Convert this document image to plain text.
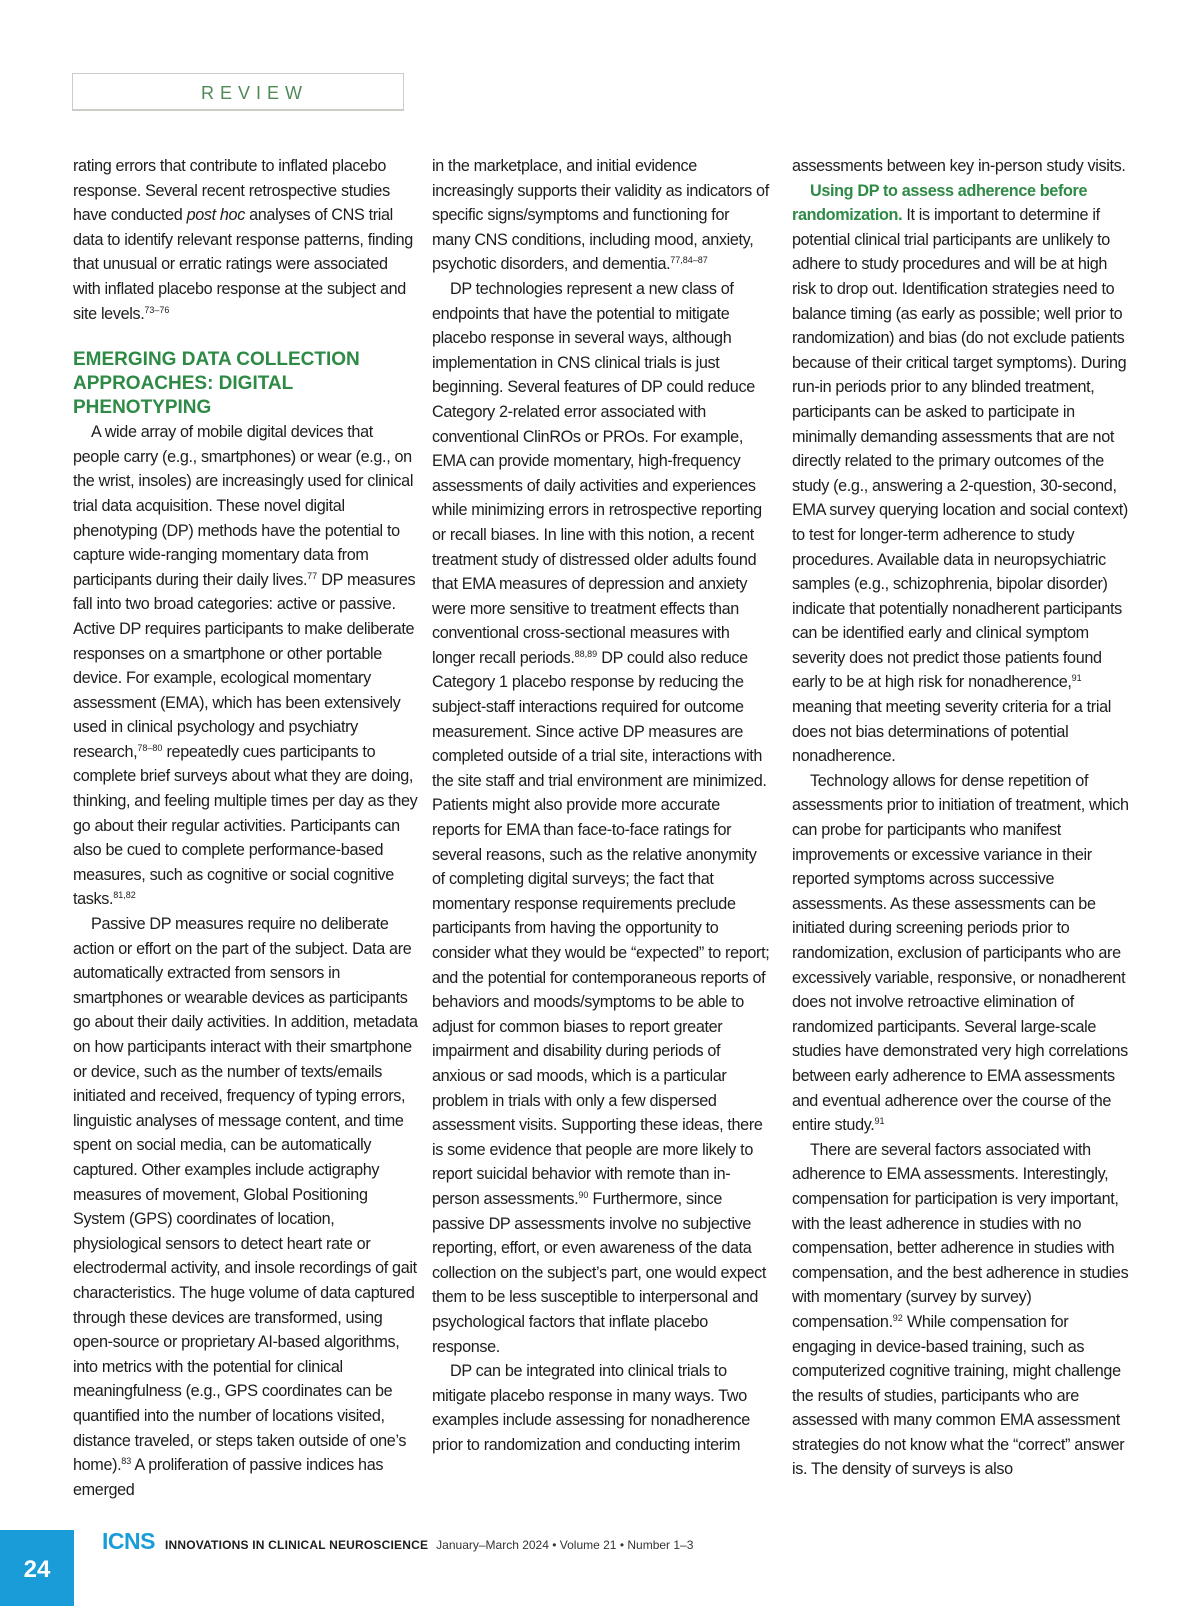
REVIEW

rating errors that contribute to inflated placebo response. Several recent retrospective studies have conducted post hoc analyses of CNS trial data to identify relevant response patterns, finding that unusual or erratic ratings were associated with inflated placebo response at the subject and site levels.$^{73-76}$

EMERGING DATA COLLECTION APPROACHES: DIGITAL PHENOTYPING

A wide array of mobile digital devices that people carry (e.g., smartphones) or wear (e.g., on the wrist, insoles) are increasingly used for clinical trial data acquisition. These novel digital phenotyping (DP) methods have the potential to capture wide-ranging momentary data from participants during their daily lives.$^{77}$ DP measures fall into two broad categories: active or passive. Active DP requires participants to make deliberate responses on a smartphone or other portable device. For example, ecological momentary assessment (EMA), which has been extensively used in clinical psychology and psychiatry research,$^{78-80}$ repeatedly cues participants to complete brief surveys about what they are doing, thinking, and feeling multiple times per day as they go about their regular activities. Participants can also be cued to complete performance-based measures, such as cognitive or social cognitive tasks.$^{81,82}$

Passive DP measures require no deliberate action or effort on the part of the subject. Data are automatically extracted from sensors in smartphones or wearable devices as participants go about their daily activities. In addition, metadata on how participants interact with their smartphone or device, such as the number of texts/emails initiated and received, frequency of typing errors, linguistic analyses of message content, and time spent on social media, can be automatically captured. Other examples include actigraphy measures of movement, Global Positioning System (GPS) coordinates of location, physiological sensors to detect heart rate or electrodermal activity, and insole recordings of gait characteristics. The huge volume of data captured through these devices are transformed, using open-source or proprietary AI-based algorithms, into metrics with the potential for clinical meaningfulness (e.g., GPS coordinates can be quantified into the number of locations visited, distance traveled, or steps taken outside of one’s home).$^{83}$ A proliferation of passive indices has emerged

in the marketplace, and initial evidence increasingly supports their validity as indicators of specific signs/symptoms and functioning for many CNS conditions, including mood, anxiety, psychotic disorders, and dementia.$^{77,84-87}$

DP technologies represent a new class of endpoints that have the potential to mitigate placebo response in several ways, although implementation in CNS clinical trials is just beginning. Several features of DP could reduce Category 2-related error associated with conventional ClinROs or PROs. For example, EMA can provide momentary, high-frequency assessments of daily activities and experiences while minimizing errors in retrospective reporting or recall biases. In line with this notion, a recent treatment study of distressed older adults found that EMA measures of depression and anxiety were more sensitive to treatment effects than conventional cross-sectional measures with longer recall periods.$^{88,89}$ DP could also reduce Category 1 placebo response by reducing the subject-staff interactions required for outcome measurement. Since active DP measures are completed outside of a trial site, interactions with the site staff and trial environment are minimized. Patients might also provide more accurate reports for EMA than face-to-face ratings for several reasons, such as the relative anonymity of completing digital surveys; the fact that momentary response requirements preclude participants from having the opportunity to consider what they would be “expected” to report; and the potential for contemporaneous reports of behaviors and moods/symptoms to be able to adjust for common biases to report greater impairment and disability during periods of anxious or sad moods, which is a particular problem in trials with only a few dispersed assessment visits. Supporting these ideas, there is some evidence that people are more likely to report suicidal behavior with remote than in-person assessments.$^{90}$ Furthermore, since passive DP assessments involve no subjective reporting, effort, or even awareness of the data collection on the subject’s part, one would expect them to be less susceptible to interpersonal and psychological factors that inflate placebo response.

DP can be integrated into clinical trials to mitigate placebo response in many ways. Two examples include assessing for nonadherence prior to randomization and conducting interim

assessments between key in-person study visits.

Using DP to assess adherence before randomization. It is important to determine if potential clinical trial participants are unlikely to adhere to study procedures and will be at high risk to drop out. Identification strategies need to balance timing (as early as possible; well prior to randomization) and bias (do not exclude patients because of their critical target symptoms). During run-in periods prior to any blinded treatment, participants can be asked to participate in minimally demanding assessments that are not directly related to the primary outcomes of the study (e.g., answering a 2-question, 30-second, EMA survey querying location and social context) to test for longer-term adherence to study procedures. Available data in neuropsychiatric samples (e.g., schizophrenia, bipolar disorder) indicate that potentially nonadherent participants can be identified early and clinical symptom severity does not predict those patients found early to be at high risk for nonadherence,$^{91}$ meaning that meeting severity criteria for a trial does not bias determinations of potential nonadherence.

Technology allows for dense repetition of assessments prior to initiation of treatment, which can probe for participants who manifest improvements or excessive variance in their reported symptoms across successive assessments. As these assessments can be initiated during screening periods prior to randomization, exclusion of participants who are excessively variable, responsive, or nonadherent does not involve retroactive elimination of randomized participants. Several large-scale studies have demonstrated very high correlations between early adherence to EMA assessments and eventual adherence over the course of the entire study.$^{91}$

There are several factors associated with adherence to EMA assessments. Interestingly, compensation for participation is very important, with the least adherence in studies with no compensation, better adherence in studies with compensation, and the best adherence in studies with momentary (survey by survey) compensation.$^{92}$ While compensation for engaging in device-based training, such as computerized cognitive training, might challenge the results of studies, participants who are assessed with many common EMA assessment strategies do not know what the “correct” answer is. The density of surveys is also

24
ICNS INNOVATIONS IN CLINICAL NEUROSCIENCE January–March 2024 • Volume 21 • Number 1–3
